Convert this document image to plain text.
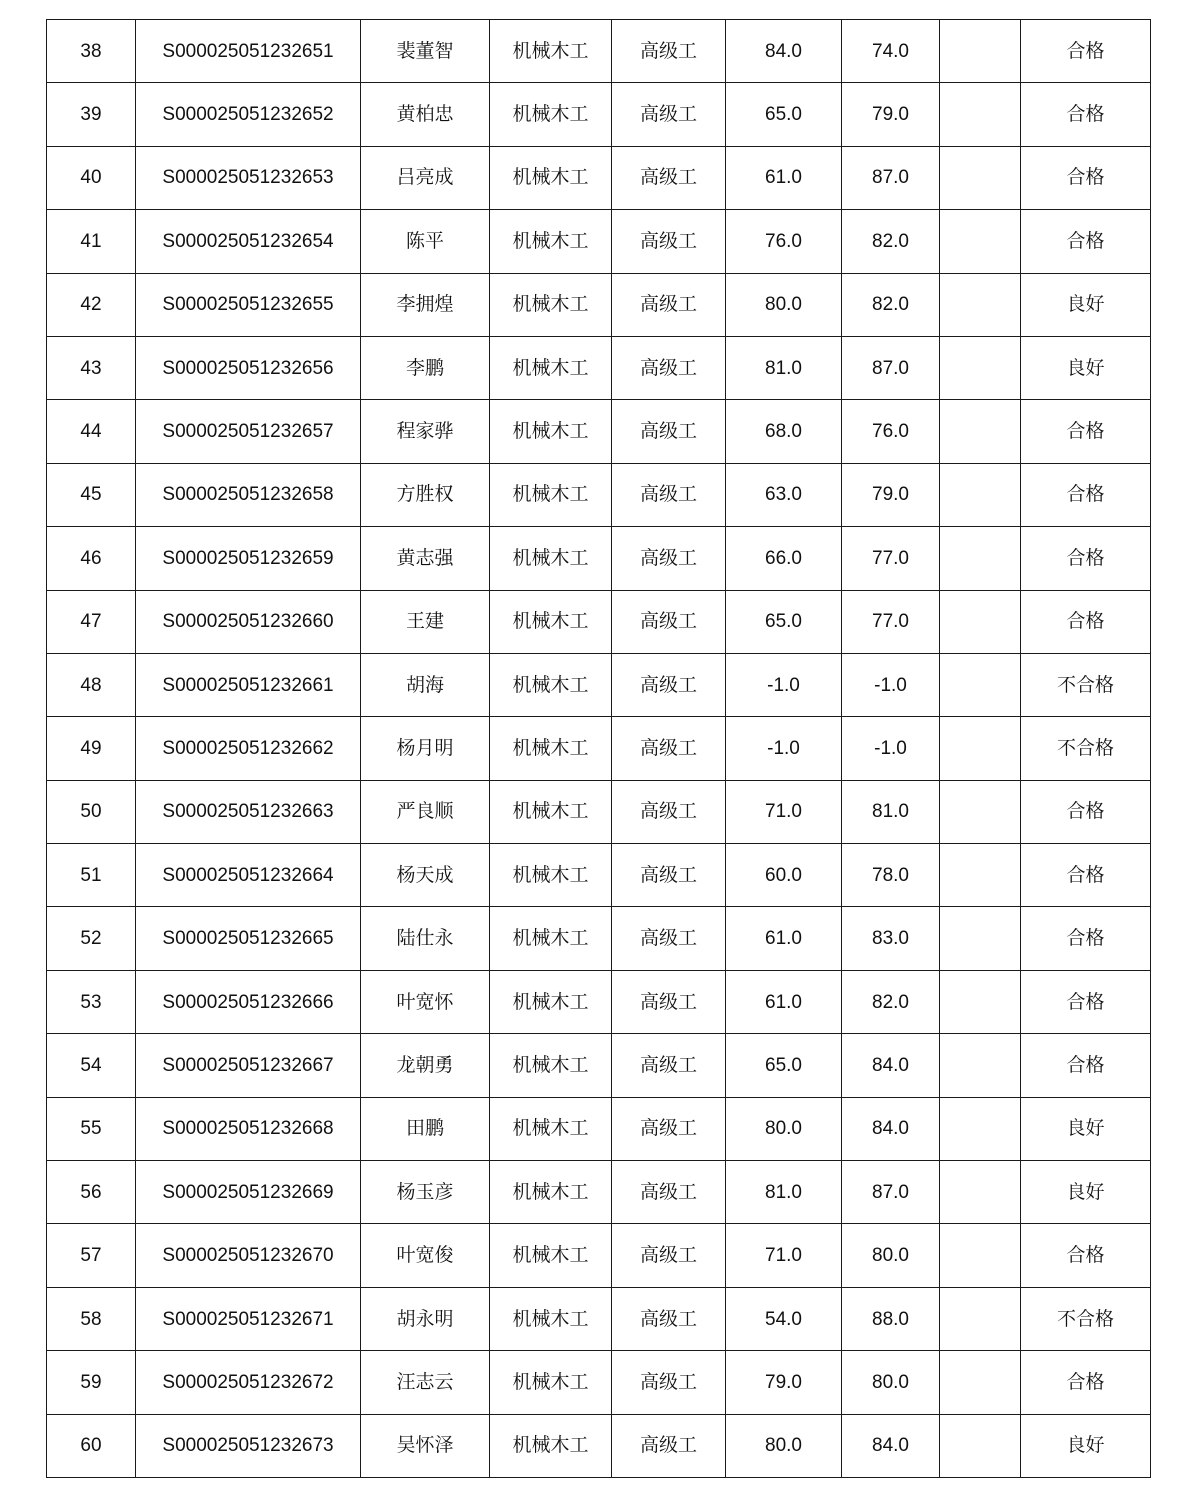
38	S000025051232651	裴董智	机械木工	高级工	84.0	74.0		合格
39	S000025051232652	黄柏忠	机械木工	高级工	65.0	79.0		合格
40	S000025051232653	吕亮成	机械木工	高级工	61.0	87.0		合格
41	S000025051232654	陈平	机械木工	高级工	76.0	82.0		合格
42	S000025051232655	李拥煌	机械木工	高级工	80.0	82.0		良好
43	S000025051232656	李鹏	机械木工	高级工	81.0	87.0		良好
44	S000025051232657	程家骅	机械木工	高级工	68.0	76.0		合格
45	S000025051232658	方胜权	机械木工	高级工	63.0	79.0		合格
46	S000025051232659	黄志强	机械木工	高级工	66.0	77.0		合格
47	S000025051232660	王建	机械木工	高级工	65.0	77.0		合格
48	S000025051232661	胡海	机械木工	高级工	-1.0	-1.0		不合格
49	S000025051232662	杨月明	机械木工	高级工	-1.0	-1.0		不合格
50	S000025051232663	严良顺	机械木工	高级工	71.0	81.0		合格
51	S000025051232664	杨天成	机械木工	高级工	60.0	78.0		合格
52	S000025051232665	陆仕永	机械木工	高级工	61.0	83.0		合格
53	S000025051232666	叶宽怀	机械木工	高级工	61.0	82.0		合格
54	S000025051232667	龙朝勇	机械木工	高级工	65.0	84.0		合格
55	S000025051232668	田鹏	机械木工	高级工	80.0	84.0		良好
56	S000025051232669	杨玉彦	机械木工	高级工	81.0	87.0		良好
57	S000025051232670	叶宽俊	机械木工	高级工	71.0	80.0		合格
58	S000025051232671	胡永明	机械木工	高级工	54.0	88.0		不合格
59	S000025051232672	汪志云	机械木工	高级工	79.0	80.0		合格
60	S000025051232673	吴怀泽	机械木工	高级工	80.0	84.0		良好
